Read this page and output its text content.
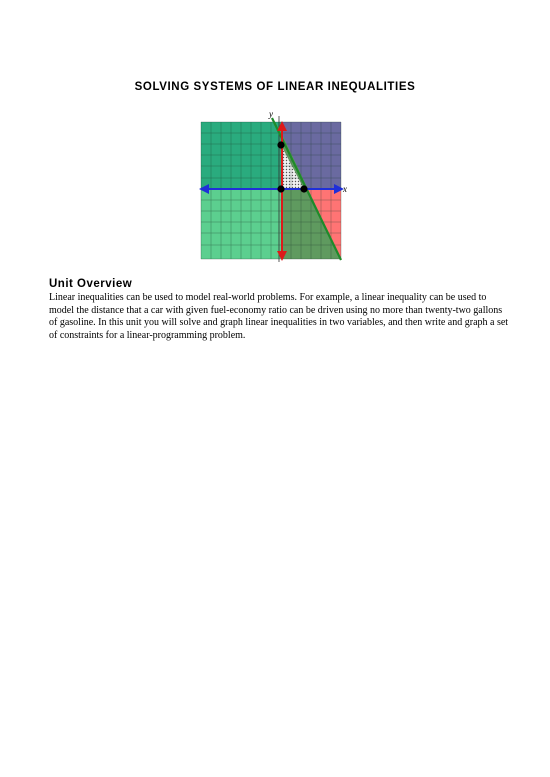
SOLVING SYSTEMS OF LINEAR INEQUALITIES
y
x
Unit Overview
Linear inequalities can be used to model real-world problems. For example, a linear inequality can be used to model the distance that a car with given fuel-economy ratio can be driven using no more than twenty-two gallons of gasoline. In this unit you will solve and graph linear inequalities in two variables, and then write and graph a set of constraints for a linear-programming problem.
